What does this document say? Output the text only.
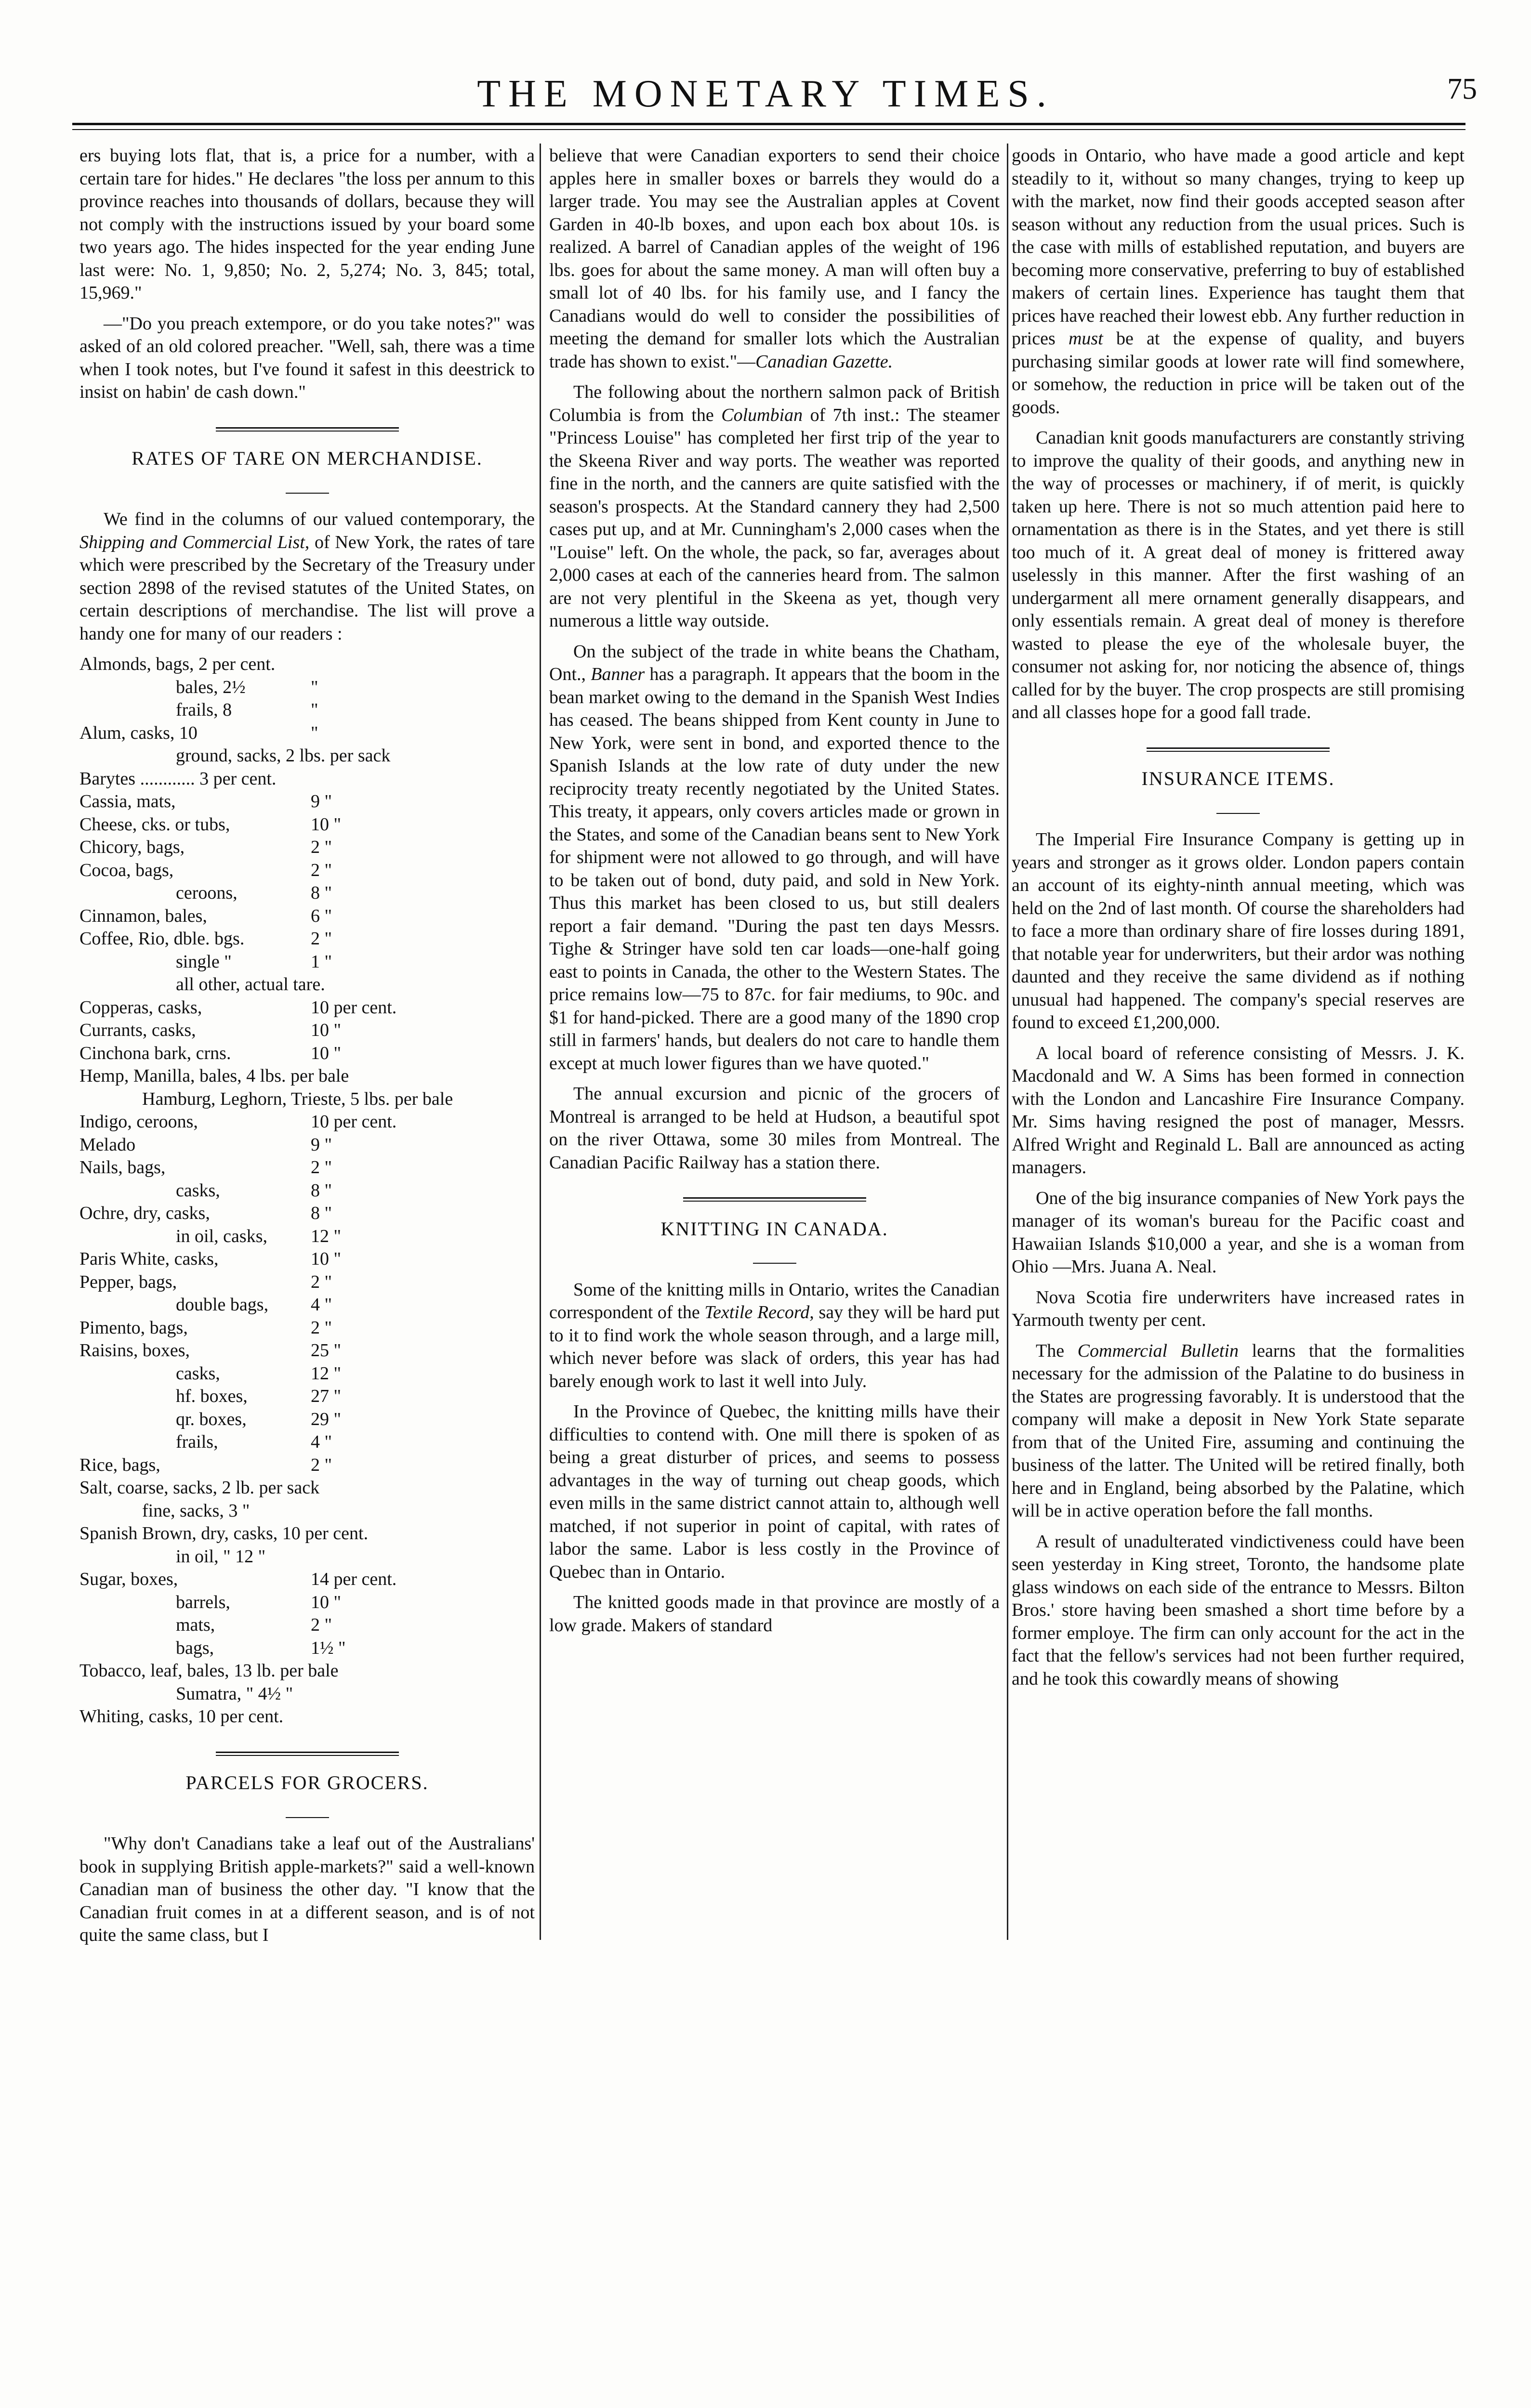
THE MONETARY TIMES.	75

ers buying lots flat, that is, a price for a number, with a certain tare for hides." He declares "the loss per annum to this province reaches into thousands of dollars, because they will not comply with the instructions issued by your board some two years ago. The hides inspected for the year ending June last were: No. 1, 9,850; No. 2, 5,274; No. 3, 845; total, 15,969."

—"Do you preach extempore, or do you take notes?" was asked of an old colored preacher. "Well, sah, there was a time when I took notes, but I've found it safest in this deestrick to insist on habin' de cash down."

RATES OF TARE ON MERCHANDISE.

We find in the columns of our valued contemporary, the Shipping and Commercial List, of New York, the rates of tare which were prescribed by the Secretary of the Treasury under section 2898 of the revised statutes of the United States, on certain descriptions of merchandise. The list will prove a handy one for many of our readers :

Almonds, bags, 2 per cent.
bales, 2½	"
frails, 8	"
Alum, casks, 10	"
ground, sacks, 2 lbs. per sack
Barytes ............ 3 per cent.
Cassia, mats,	9 "
Cheese, cks. or tubs,	10 "
Chicory, bags,	2 "
Cocoa, bags,	2 "
ceroons,	8 "
Cinnamon, bales,	6 "
Coffee, Rio, dble. bgs.	2 "
single "	1 "
all other, actual tare.
Copperas, casks,	10 per cent.
Currants, casks,	10 "
Cinchona bark, crns.	10 "
Hemp, Manilla, bales, 4 lbs. per bale
Hamburg, Leghorn, Trieste, 5 lbs. per bale
Indigo, ceroons,	10 per cent.
Melado	9 "
Nails, bags,	2 "
casks,	8 "
Ochre, dry, casks,	8 "
in oil, casks,	12 "
Paris White, casks,	10 "
Pepper, bags,	2 "
double bags,	4 "
Pimento, bags,	2 "
Raisins, boxes,	25 "
casks,	12 "
hf. boxes,	27 "
qr. boxes,	29 "
frails,	4 "
Rice, bags,	2 "
Salt, coarse, sacks, 2 lb. per sack
fine, sacks, 3 "
Spanish Brown, dry, casks, 10 per cent.
in oil, " 12 "
Sugar, boxes,	14 per cent.
barrels,	10 "
mats,	2 "
bags,	1½ "
Tobacco, leaf, bales, 13 lb. per bale
Sumatra, " 4½ "
Whiting, casks, 10 per cent.
PARCELS FOR GROCERS.

"Why don't Canadians take a leaf out of the Australians' book in supplying British apple-markets?" said a well-known Canadian man of business the other day. "I know that the Canadian fruit comes in at a different season, and is of not quite the same class, but I

believe that were Canadian exporters to send their choice apples here in smaller boxes or barrels they would do a larger trade. You may see the Australian apples at Covent Garden in 40-lb boxes, and upon each box about 10s. is realized. A barrel of Canadian apples of the weight of 196 lbs. goes for about the same money. A man will often buy a small lot of 40 lbs. for his family use, and I fancy the Canadians would do well to consider the possibilities of meeting the demand for smaller lots which the Australian trade has shown to exist."—Canadian Gazette.

The following about the northern salmon pack of British Columbia is from the Columbian of 7th inst.: The steamer "Princess Louise" has completed her first trip of the year to the Skeena River and way ports. The weather was reported fine in the north, and the canners are quite satisfied with the season's prospects. At the Standard cannery they had 2,500 cases put up, and at Mr. Cunningham's 2,000 cases when the "Louise" left. On the whole, the pack, so far, averages about 2,000 cases at each of the canneries heard from. The salmon are not very plentiful in the Skeena as yet, though very numerous a little way outside.

On the subject of the trade in white beans the Chatham, Ont., Banner has a paragraph. It appears that the boom in the bean market owing to the demand in the Spanish West Indies has ceased. The beans shipped from Kent county in June to New York, were sent in bond, and exported thence to the Spanish Islands at the low rate of duty under the new reciprocity treaty recently negotiated by the United States. This treaty, it appears, only covers articles made or grown in the States, and some of the Canadian beans sent to New York for shipment were not allowed to go through, and will have to be taken out of bond, duty paid, and sold in New York. Thus this market has been closed to us, but still dealers report a fair demand. "During the past ten days Messrs. Tighe & Stringer have sold ten car loads—one-half going east to points in Canada, the other to the Western States. The price remains low—75 to 87c. for fair mediums, to 90c. and $1 for hand-picked. There are a good many of the 1890 crop still in farmers' hands, but dealers do not care to handle them except at much lower figures than we have quoted."

The annual excursion and picnic of the grocers of Montreal is arranged to be held at Hudson, a beautiful spot on the river Ottawa, some 30 miles from Montreal. The Canadian Pacific Railway has a station there.

KNITTING IN CANADA.

Some of the knitting mills in Ontario, writes the Canadian correspondent of the Textile Record, say they will be hard put to it to find work the whole season through, and a large mill, which never before was slack of orders, this year has had barely enough work to last it well into July.

In the Province of Quebec, the knitting mills have their difficulties to contend with. One mill there is spoken of as being a great disturber of prices, and seems to possess advantages in the way of turning out cheap goods, which even mills in the same district cannot attain to, although well matched, if not superior in point of capital, with rates of labor the same. Labor is less costly in the Province of Quebec than in Ontario.

The knitted goods made in that province are mostly of a low grade. Makers of standard

goods in Ontario, who have made a good article and kept steadily to it, without so many changes, trying to keep up with the market, now find their goods accepted season after season without any reduction from the usual prices. Such is the case with mills of established reputation, and buyers are becoming more conservative, preferring to buy of established makers of certain lines. Experience has taught them that prices have reached their lowest ebb. Any further reduction in prices must be at the expense of quality, and buyers purchasing similar goods at lower rate will find somewhere, or somehow, the reduction in price will be taken out of the goods.

Canadian knit goods manufacturers are constantly striving to improve the quality of their goods, and anything new in the way of processes or machinery, if of merit, is quickly taken up here. There is not so much attention paid here to ornamentation as there is in the States, and yet there is still too much of it. A great deal of money is frittered away uselessly in this manner. After the first washing of an undergarment all mere ornament generally disappears, and only essentials remain. A great deal of money is therefore wasted to please the eye of the wholesale buyer, the consumer not asking for, nor noticing the absence of, things called for by the buyer. The crop prospects are still promising and all classes hope for a good fall trade.

INSURANCE ITEMS.

The Imperial Fire Insurance Company is getting up in years and stronger as it grows older. London papers contain an account of its eighty-ninth annual meeting, which was held on the 2nd of last month. Of course the shareholders had to face a more than ordinary share of fire losses during 1891, that notable year for underwriters, but their ardor was nothing daunted and they receive the same dividend as if nothing unusual had happened. The company's special reserves are found to exceed £1,200,000.

A local board of reference consisting of Messrs. J. K. Macdonald and W. A Sims has been formed in connection with the London and Lancashire Fire Insurance Company. Mr. Sims having resigned the post of manager, Messrs. Alfred Wright and Reginald L. Ball are announced as acting managers.

One of the big insurance companies of New York pays the manager of its woman's bureau for the Pacific coast and Hawaiian Islands $10,000 a year, and she is a woman from Ohio —Mrs. Juana A. Neal.

Nova Scotia fire underwriters have increased rates in Yarmouth twenty per cent.

The Commercial Bulletin learns that the formalities necessary for the admission of the Palatine to do business in the States are progressing favorably. It is understood that the company will make a deposit in New York State separate from that of the United Fire, assuming and continuing the business of the latter. The United will be retired finally, both here and in England, being absorbed by the Palatine, which will be in active operation before the fall months.

A result of unadulterated vindictiveness could have been seen yesterday in King street, Toronto, the handsome plate glass windows on each side of the entrance to Messrs. Bilton Bros.' store having been smashed a short time before by a former employe. The firm can only account for the act in the fact that the fellow's services had not been further required, and he took this cowardly means of showing
